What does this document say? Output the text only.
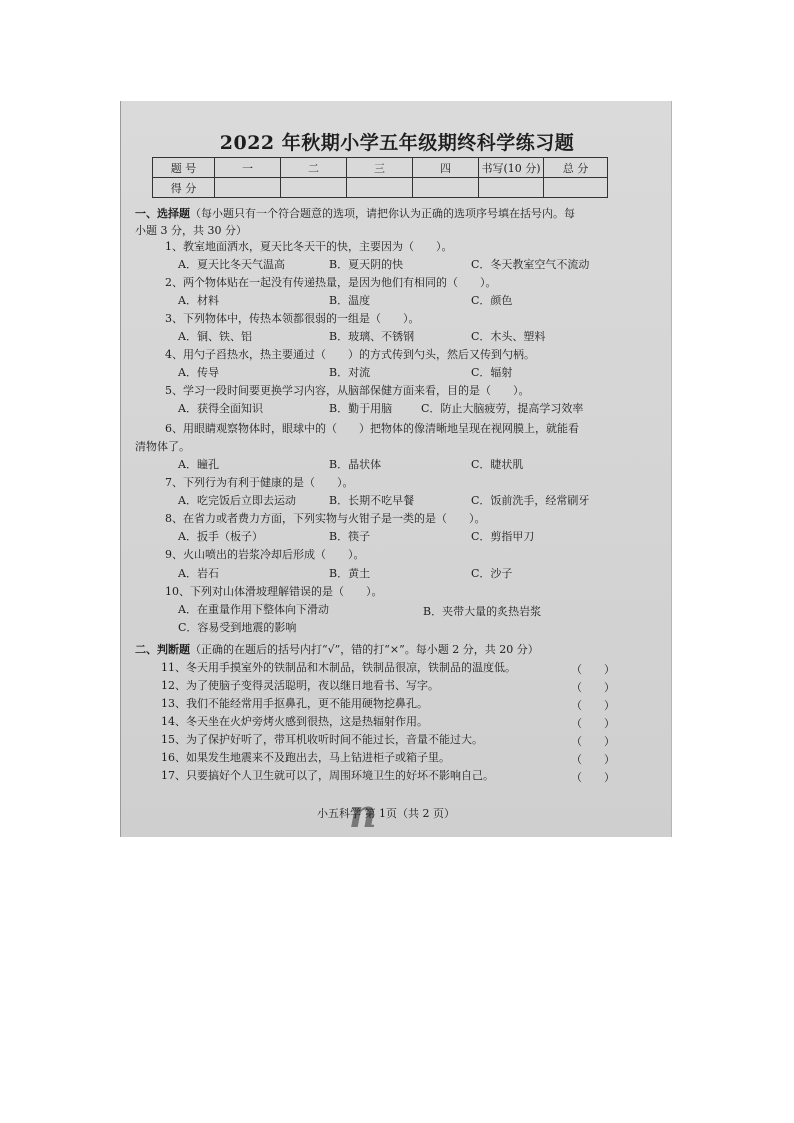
2022 年秋期小学五年级期终科学练习题
题 号	一	二	三	四	书写(10 分)	总 分
得 分						
一、选择题（每小题只有一个符合题意的选项，请把你认为正确的选项序号填在括号内。每
小题 3 分，共 30 分）
1、教室地面洒水，夏天比冬天干的快，主要因为（　　）。
A．夏天比冬天气温高	B．夏天阴的快	C．冬天教室空气不流动
2、两个物体贴在一起没有传递热量，是因为他们有相同的（　　）。
A．材料	B．温度	C．颜色
3、下列物体中，传热本领都很弱的一组是（　　）。
A．铜、铁、铝	B．玻璃、不锈钢	C．木头、塑料
4、用勺子舀热水，热主要通过（　　）的方式传到勺头，然后又传到勺柄。
A．传导	B．对流	C．辐射
5、学习一段时间要更换学习内容，从脑部保健方面来看，目的是（　　）。
A．获得全面知识	B．勤于用脑	C．防止大脑疲劳，提高学习效率
6、用眼睛观察物体时，眼球中的（　　）把物体的像清晰地呈现在视网膜上，就能看
清物体了。
A．瞳孔	B．晶状体	C．睫状肌
7、下列行为有利于健康的是（　　）。
A．吃完饭后立即去运动	B．长期不吃早餐	C．饭前洗手，经常刷牙
8、在省力或者费力方面，下列实物与火钳子是一类的是（　　）。
A．扳手（板子）	B．筷子	C．剪指甲刀
9、火山喷出的岩浆冷却后形成（　　）。
A．岩石	B．黄土	C．沙子
10、下列对山体滑坡理解错误的是（　　）。
A．在重量作用下整体向下滑动	B．夹带大量的炙热岩浆
C．容易受到地震的影响
二、判断题（正确的在题后的括号内打“√”，错的打“×”。每小题 2 分，共 20 分）
11、冬天用手摸室外的铁制品和木制品，铁制品很凉，铁制品的温度低。	（　　）
12、为了使脑子变得灵活聪明，夜以继日地看书、写字。	（　　）
13、我们不能经常用手抠鼻孔，更不能用硬物挖鼻孔。	（　　）
14、冬天坐在火炉旁烤火感到很热，这是热辐射作用。	（　　）
15、为了保护好听了，带耳机收听时间不能过长，音量不能过大。	（　　）
16、如果发生地震来不及跑出去，马上钻进柜子或箱子里。	（　　）
17、只要搞好个人卫生就可以了，周围环境卫生的好坏不影响自己。	（　　）
n
小五科学 第 1页（共 2 页）
